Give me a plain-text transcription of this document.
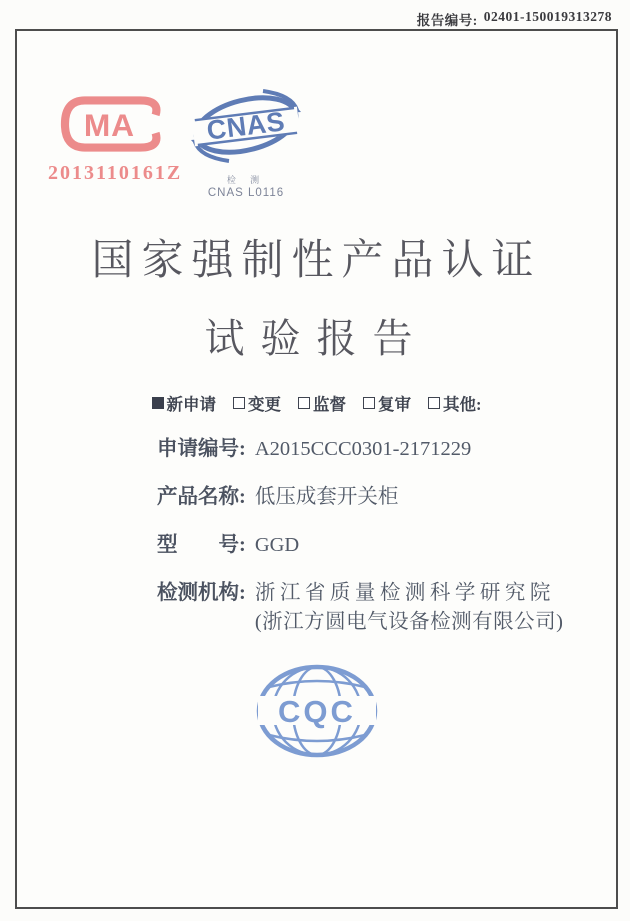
报告编号: 02401-150019313278
MA
2013110161Z
CNAS
检 测
CNAS L0116
国家强制性产品认证
试验报告
新申请 变更 监督 复审 其他:
申请编号: A2015CCC0301-2171229
产品名称: 低压成套开关柜
型　　号: GGD
检测机构: 浙江省质量检测科学研究院
(浙江方圆电气设备检测有限公司)
CQC
